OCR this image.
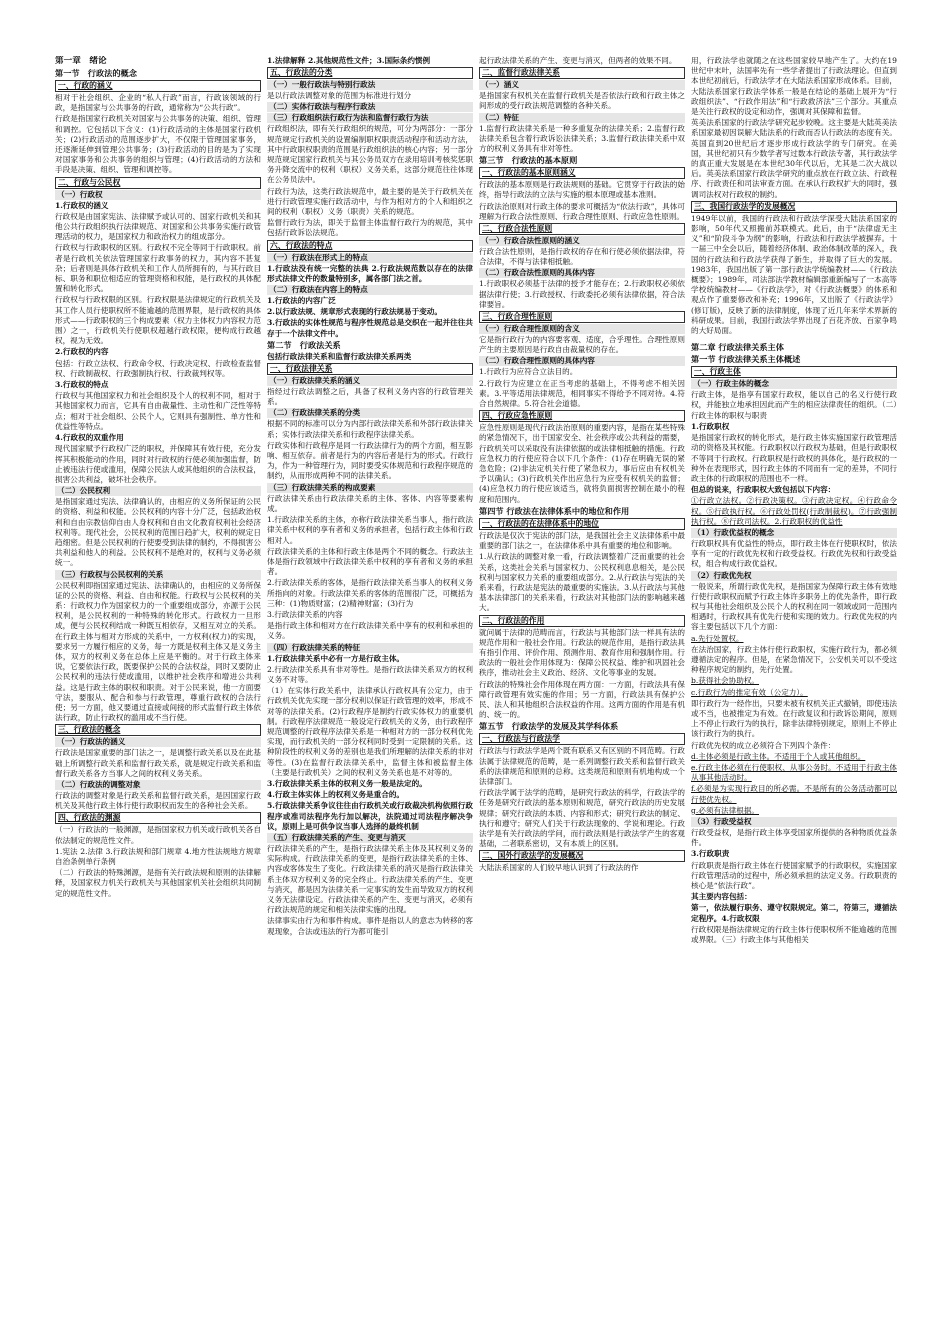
第一章　绪论

第一节　行政法的概念

一、行政的涵义

相对于社会组织、企业的“私人行政”而言，行政该领域的行政，是指国家与公共事务的行政，通常称为“公共行政”。

行政是指国家行政机关对国家与公共事务的决策、组织、管理和调控。它包括以下含义：(1)行政活动的主体是国家行政机关；(2)行政活动的范围逐步扩大，不仅限于管理国家事务，还逐渐延伸到管理公共事务；(3)行政活动的目的是为了实现对国家事务和公共事务的组织与管理；(4)行政活动的方法和手段是决策、组织、管理和调控等。

二、行政与公民权
（一）行政权

1.行政权的涵义

行政权是由国家宪法、法律赋予或认可的、国家行政机关和其他公共行政组织执行法律规范、对国家和公共事务实施行政管理活动的权力，是国家权力和政治权力的组成部分。

行政权与行政职权的区别。行政权不完全等同于行政职权。前者是行政机关依法管理国家行政事务的权力，其内容不甚复杂；后者则是具体行政机关和工作人员所拥有的，与其行政目标、职务和职位相适应的管理资格和权能，是行政权的具体配置和转化形式。

行政权与行政权限的区别。行政权限是法律规定的行政机关及其工作人员行使职权所不能逾越的范围界限，是行政权的具体形式——行政职权的三个构成要素（权力主体权力内容权力范围）之一，行政机关行使职权超越行政权限，便构成行政越权，视为无效。

2.行政权的内容

包括：行政立法权、行政命令权、行政决定权、行政检查监督权、行政制裁权、行政强制执行权、行政裁判权等。

3.行政权的特点

行政权与其他国家权力和社会组织及个人的权利不同，相对于其他国家权力而言，它具有自由裁量性、主动性和广泛性等特点；相对于社会组织、公民个人，它则具有强制性、单方性和优益性等特点。

4.行政权的双重作用

现代国家赋予行政权广泛的职权，并保障其有效行使，充分发挥其积极能动的作用，同时对行政权的行使必须加强监督，防止被违法行使或滥用，保障公民法人或其他组织的合法权益，损害公共利益，破坏社会秩序。

（二）公民权利

是指国家通过宪法、法律确认的，由相应的义务所保证的公民的资格、利益和权能。公民权利的内容十分广泛，包括政治权利和自由宗教信仰自由人身权利和自由文化教育权利社会经济权利等。现代社会，公民权利的范围日趋扩大，权利的规定日趋细密。但是公民权利的行使要受到法律的制约，不得损害公共利益和他人的利益。公民权利不是绝对的，权利与义务必须统一。

（三）行政权与公民权利的关系

公民权利即指国家通过宪法、法律确认的，由相应的义务所保证的公民的资格、利益、自由和权能。行政权与公民权利的关系：行政权力作为国家权力的一个重要组成部分，亦源于公民权利，是公民权利的一种特殊的转化形式。行政权力一旦形成，便与公民权利结成一种既互相依存，又相互对立的关系。在行政主体与相对方形成的关系中，一方权利(权力)的实现，要求另一方履行相应的义务，每一方既是权利主体又是义务主体，双方的权利义务在总体上应是平衡的。对于行政主体来说，它要依法行政，既要保护公民的合法权益，同时又要防止公民权利的违法行使或滥用，以维护社会秩序和增进公共利益。这是行政主体的职权和职责。对于公民来说，他一方面要守法，要服从、配合和参与行政管理，尊重行政权的合法行使；另一方面，他又要通过直接或间接的形式监督行政主体依法行政，防止行政权的滥用或不当行使。

三、行政法的概念
（一）行政法的涵义

行政法是国家重要的部门法之一，是调整行政关系以及在此基础上所调整行政关系和监督行政关系，就是规定行政关系和监督行政关系各方当事人之间的权利义务关系。

（二）行政法的调整对象

行政法的调整对象是行政关系和监督行政关系，是因国家行政机关及其他行政主体行使行政职权而发生的各种社会关系。

四、行政法的渊源

（一）行政法的一般渊源，是指国家权力机关或行政机关各自依法制定的规范性文件。

1.宪法 2.法律 3.行政法规和部门规章 4.地方性法规地方规章自治条例单行条例

（二）行政法的特殊渊源，是指有关行政法规和原则的法律解释，及国家权力机关行政机关与其他国家机关社会组织共同制定的规范性文件。

1.法律解释 2.其他规范性文件；3.国际条约惯例

五、行政法的分类
（一）一般行政法与特别行政法

是以行政法调整对象的范围为标准进行划分

（二）实体行政法与程序行政法
（三）行政组织法行政行为法和监督行政行为法

行政组织法，即有关行政组织的规范，可分为两部分：一部分规范规定行政机关的设置编制职权职责活动程序和活动方法，其中行政职权职责的范围是行政组织法的核心内容；另一部分规范规定国家行政机关与其公务员双方在录用培训考核奖惩职务升降交流中的权利（职权）义务关系，这部分规范往往体现在公务员法中。

行政行为法，这类行政法规范中，最主要的是关于行政机关在进行行政管理实施行政活动中，与作为相对方的个人和组织之间的权利（职权）义务（职责）关系的规范。

监督行政行为法，即关于监督主体监督行政行为的规范，其中包括行政诉讼法规范。

六、行政法的特点
（一）行政法在形式上的特点

1.行政法没有统一完整的法典 2.行政法规范数以存在的法律形式法律文件的数量特别多，属各部门法之首。

（二）行政法在内容上的特点

1.行政法的内容广泛

2.以行政法规、规章形式表现的行政法规易于变动。

3.行政法的实体性规范与程序性规范总是交织在一起并往往共存于一个法律文件中。

第二节　行政法关系

包括行政法律关系和监督行政法律关系两类

一、行政法律关系
（一）行政法律关系的涵义

指经过行政法调整之后，具备了权利义务内容的行政管理关系。

（二）行政法律关系的分类

根据不同的标准可以分为内部行政法律关系和外部行政法律关系；实体行政法律关系和行政程序法律关系。

行政实体和行政程序是同一行政法律行为的两个方面，相互影响、相互依存。前者是行为的内容后者是行为的形式。行政行为，作为一种管理行为，同时要受实体规范和行政程序规范的制约，从而形成两种不同的法律关系。

（三）行政法律关系的构成要素

行政法律关系由行政法律关系的主体、客体、内容等要素构成。

1.行政法律关系的主体，亦称行政法律关系当事人，指行政法律关系中权利的享有者和义务的承担者，包括行政主体和行政相对人。

行政法律关系的主体和行政主体是两个不同的概念。行政法主体是指行政领域中行政法律关系中权利的享有者和义务的承担者。

2.行政法律关系的客体，是指行政法律关系当事人的权利义务所指向的对象。行政法律关系的客体的范围很广泛，可概括为三种：(1)物质财富；(2)精神财富；(3)行为

3.行政法律关系的内容

是指行政主体和相对方在行政法律关系中享有的权利和承担的义务。

（四）行政法律关系的特征

1.行政法律关系中必有一方是行政主体。

2.行政法律关系具有非对等性。是指行政法律关系双方的权利义务不对等。

（1）在实体行政关系中，法律承认行政权具有公定力，由于行政机关优先实现一部分权利以保证行政管理的效率，形成不对等的法律关系。(2)行政程序是制约行政实体权力的重要机制。行政程序法律规范一般设定行政机关的义务，由行政程序规范调整的行政程序法律关系是一种相对方的一部分权利优先实现，而行政机关的一部分权利同时受到一定限制的关系。这种阶段性的权利义务的差别也是我们所理解的法律关系的非对等性。(3)在监督行政法律关系中，监督主体和被监督主体（主要是行政机关）之间的权利义务关系也是不对等的。

3.行政法律关系主体的权利义务一般是法定的。

4.行政主体实体上的权利义务是重合的。

5.行政法律关系争议往往由行政机关或行政裁决机构依照行政程序或准司法程序先行加以解决，法院通过司法程序解决争议，原则上是可供争议当事人选择的最终机制

（五）行政法律关系的产生、变更与消灭

行政法律关系的产生，是指行政法律关系主体及其权利义务的实际构成。行政法律关系的变更，是指行政法律关系的主体、内容或客体发生了变化。行政法律关系的消灭是指行政法律关系主体双方权利义务的完全终止。行政法律关系的产生、变更与消灭，都是因为法律关系一定事实的发生而导致双方的权利义务无法律设定。行政法律关系的产生、变更与消灭，必须有行政法规范的规定和相关法律实施的出现。

法律事实由行为和事件构成。事件是指以人的意志为转移的客观现象，合法或违法的行为都可能引

起行政法律关系的产生、变更与消灭，但两者的效果不同。

二、监督行政法律关系
（一）涵义

是指国家有权机关在监督行政机关是否依法行政和行政主体之间形成的受行政法规范调整的各种关系。

（二）特征

1.监督行政法律关系是一种多重复杂的法律关系；2.监督行政法律关系包含着行政诉讼法律关系；3.监督行政法律关系中双方的权利义务具有非对等性。

第三节　行政法的基本原则

一、行政法的基本原则涵义

行政法的基本原则是行政法规则的基础。它贯穿于行政法的始终，指导行政法的立法与实施的根本原理或基本准则。

行政法治原则对行政主体的要求可概括为“依法行政”，具体可理解为行政合法性原则、行政合理性原则、行政应急性原则。

二、行政合法性原则
（一）行政合法性原则的涵义

行政合法性原则，是指行政权的存在和行使必须依据法律，符合法律，不得与法律相抵触。

（二）行政合法性原则的具体内容

1.行政职权必须基于法律的授予才能存在；2.行政职权必须依据法律行使；3.行政授权、行政委托必须有法律依据，符合法律要旨。

三、行政合理性原则
（一）行政合理性原则的含义

它是指行政行为的内容要客观、适度，合乎理性。合理性原则产生的主要原因是行政自由裁量权的存在。

（二）行政合理性原则的具体内容

1.行政行为应符合立法目的。

2.行政行为应建立在正当考虑的基础上，不得考虑不相关因素。3.平等适用法律规范，相同事实不得给予不同对待。4.符合自然规律。5.符合社会道德。

四、行政应急性原则

应急性原则是现代行政法治原则的重要内容，是指在某些特殊的紧急情况下，出于国家安全、社会秩序或公共利益的需要，行政机关可以采取没有法律依据的或法律相抵触的措施。行政应急权力的行使应符合以下几个条件：(1)存在明确无误的紧急危险；(2)非法定机关行使了紧急权力，事后应由有权机关予以确认；(3)行政机关作出应急行为应受有权机关的监督；(4)应急权力的行使应该适当，就将负面损害控制在最小的程度和范围内。

第四节 行政法在法律体系中的地位和作用

一、行政法的在法律体系中的地位

行政法是仅次于宪法的部门法，是我国社会主义法律体系中最重要的部门法之一，在法律体系中具有重要的地位和影响。

1.从行政法的调整对象一看，行政法调整着广泛而重要的社会关系，这类社会关系与国家权力、公民权利息息相关，是公民权利与国家权力关系的重要组成部分。2.从行政法与宪法的关系来看，行政法是宪法的最重要的实施法。3.从行政法与其他基本法律部门的关系来看，行政法对其他部门法的影响越来越大。

二、行政法的作用

就问属于法律的范畴而言，行政法与其他部门法一样具有法的规范作用和一般社会作用。行政法的规范作用，是指行政法具有指引作用、评价作用、预测作用、教育作用和强制作用。行政法的一般社会作用体现为：保障公民权益、维护和巩固社会秩序，推动社会主义政治、经济、文化等事业的发展。

行政法的特殊社会作用体现在两方面：一方面，行政法具有保障行政管理有效实施的作用；另一方面，行政法具有保护公民、法人和其他组织合法权益的作用。这两方面的作用是有机的、统一的。

第五节　行政法学的发展及其学科体系

一、行政法与行政法学

行政法与行政法学是两个既有联系又有区别的不同范畴。行政法属于法律规范的范畴，是一系列调整行政关系和监督行政关系的法律规范和原则的总称。这类规范和原则有机地构成一个法律部门。

行政法学属于法学的范畴，是研究行政法的科学，行政法学的任务是研究行政法的基本原则和规范，研究行政法的历史发展规律；研究行政法的本质、内容和形式；研究行政法的制定、执行和遵守；研究人们关于行政法现象的、学说和理论。行政法学是有关行政法的学问，而行政法则是行政法学产生的客观基础，二者联系密切，又有本质上的区别。

二、国外行政法学的发展概况

大陆法系国家的人们较早地认识到了行政法的作

用，行政法学也就随之在这些国家较早地产生了。大约在19世纪中末叶，法国率先有一些学者提出了行政法理论。但直到本世纪初前后，行政法学才在大陆法系国家形成体系。目前，大陆法系国家行政法学体系一般是在结论的基础上展开为“行政组织法”、“行政作用法”和“行政救济法”三个部分。其重点是关注行政权的设定和动作，强调对其保障和监督。

英美法系国家的行政法学研究起步较晚。这主要是大陆英美法系国家最初因误解大陆法系的行政而否认行政法的态度有关。英国直到20世纪后才逐步形成行政法学的专门研究。在美国，其世纪初只有少数学者写过数本行政法专著，其行政法学的真正重大发展是在本世纪30年代以后，尤其是二次大战以后。英美法系国家行政法学研究的重点放在行政立法、行政程序、行政责任和司法审查方面。在承认行政权扩大的同时，强调司法权对行政权的制约。

三、我国行政法学的发展概况

1949年以前，我国的行政法和行政法学深受大陆法系国家的影响，50年代又照搬前苏联模式。此后，由于“法律虚无主义”和“阶段斗争为纲”的影响，行政法和行政法学被摒弃。十一届三中全会以后，随着经济体制、政治体制改革的深入，我国的行政法和行政法学获得了新生，并取得了巨大的发展。1983年，我国出版了第一部行政法学统编教材——《行政法概要》；1989年，司法部法学教材编辑部重新编写了一本高等学校统编教材——《行政法学》，对《行政法概要》的体系和观点作了重要修改和补充；1996年，又出版了《行政法学》(修订版)，反映了新的法律制度，体现了近几年来学术界新的科研成果。目前，我国行政法学界出现了百花齐放、百家争鸣的大好局面。

第二章 行政法律关系主体

第一节 行政法律关系主体概述

一、行政主体
（一）行政主体的概念

行政主体，是指享有国家行政权，能以自己的名义行使行政权，并能独立地承担因此而产生的相应法律责任的组织。（二）行政主体的职权与职责

1.行政职权

是指国家行政权的转化形式，是行政主体实施国家行政管理活动的资格及其权能。行政职权以行政权为基础，但是行政职权不等同于行政权。行政职权是行政权的具体化，是行政权的一种外在表现形式，因行政主体的不同而有一定的差异，不同行政主体的行政职权的范围也不一样。

但总的说来，行政职权大致包括以下内容：

①行政立法权。②行政决策权。③行政决定权。④行政命令权。⑤行政执行权。⑥行政处罚权(行政制裁权)。⑦行政强制执行权。⑧行政司法权。2.行政职权的优益性

（1）行政优益权的概念

行政职权具有优益性的特点，即行政主体在行使职权时，依法享有一定的行政优先权和行政受益权。行政优先权和行政受益权，组合构成行政优益权。

（2）行政优先权

一般说来，所谓行政优先权，是指国家为保障行政主体有效地行使行政职权而赋予行政主体许多职务上的优先条件，即行政权与其他社会组织及公民个人的权利在同一领域或同一范围内相遇时，行政权具有优先行使和实现的效力。行政优先权的内容主要包括以下几个方面：

a.先行处置权。

在法治国家，行政主体行使行政职权，实施行政行为，都必须遵循法定的程序。但是，在紧急情况下，公安机关可以不受这种程序规定的制约，先行处置。

b.获得社会协助权。

c.行政行为的推定有效（公定力）。

即行政行为一经作出，只要未被有权机关正式撤销，即使违法或不当，也被推定为有效。在行政复议和行政诉讼期间，原则上不停止行政行为的执行，除非法律特别规定，原则上不停止该行政行为的执行。

行政优先权的成立必须符合下列四个条件：

d.主体必须是行政主体。不适用于个人或其他组织。

e.行政主体必须在行使职权、从事公务时。不适用于行政主体从事其他活动时。

f.必须是为实现行政目的所必需。不是所有的公务活动都可以行使优先权。

g.必须有法律根据。

（3）行政受益权

行政受益权，是指行政主体享受国家所提供的各种物质优益条件。

3.行政职责

行政职责是指行政主体在行使国家赋予的行政职权，实施国家行政管理活动的过程中，所必须承担的法定义务。行政职责的核心是“依法行政”。

其主要内容包括：

第一，依法履行职务、遵守权限规定。第二，符第三，遵循法定程序。4.行政权限

行政权限是指法律规定的行政主体行使职权所不能逾越的范围或界限。（三）行政主体与其他相关
